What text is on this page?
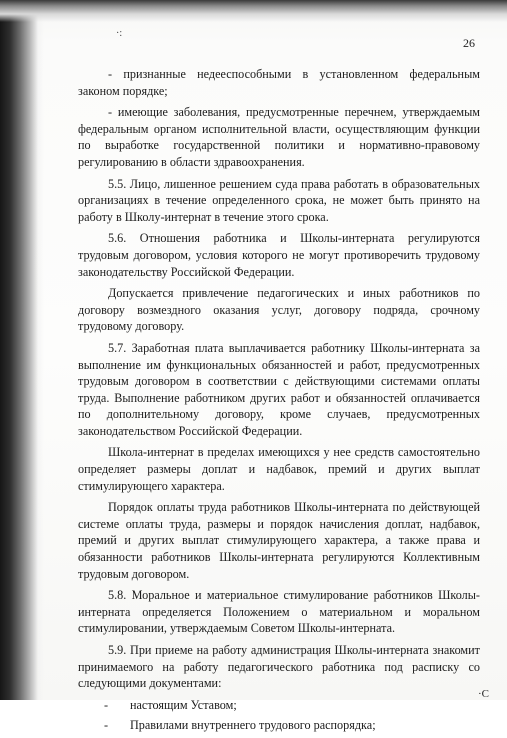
·:
26

- признанные недееспособными в установленном федеральным законом порядке;

- имеющие заболевания, предусмотренные перечнем, утверждаемым федеральным органом исполнительной власти, осуществляющим функции по выработке государственной политики и нормативно-правовому регулированию в области здравоохранения.

5.5. Лицо, лишенное решением суда права работать в образовательных организациях в течение определенного срока, не может быть принято на работу в Школу-интернат в течение этого срока.

5.6. Отношения работника и Школы-интерната регулируются трудовым договором, условия которого не могут противоречить трудовому законодательству Российской Федерации.

Допускается привлечение педагогических и иных работников по договору возмездного оказания услуг, договору подряда, срочному трудовому договору.

5.7. Заработная плата выплачивается работнику Школы-интерната за выполнение им функциональных обязанностей и работ, предусмотренных трудовым договором в соответствии с действующими системами оплаты труда. Выполнение работником других работ и обязанностей оплачивается по дополнительному договору, кроме случаев, предусмотренных законодательством Российской Федерации.

Школа-интернат в пределах имеющихся у нее средств самостоятельно определяет размеры доплат и надбавок, премий и других выплат стимулирующего характера.

Порядок оплаты труда работников Школы-интерната по действующей системе оплаты труда, размеры и порядок начисления доплат, надбавок, премий и других выплат стимулирующего характера, а также права и обязанности работников Школы-интерната регулируются Коллективным трудовым договором.

5.8. Моральное и материальное стимулирование работников Школы-интерната определяется Положением о материальном и моральном стимулировании, утверждаемым Советом Школы-интерната.

5.9. При приеме на работу администрация Школы-интерната знакомит принимаемого на работу педагогического работника под расписку со следующими документами:

-	настоящим Уставом;
-	Правилами внутреннего трудового распорядка;
·С
